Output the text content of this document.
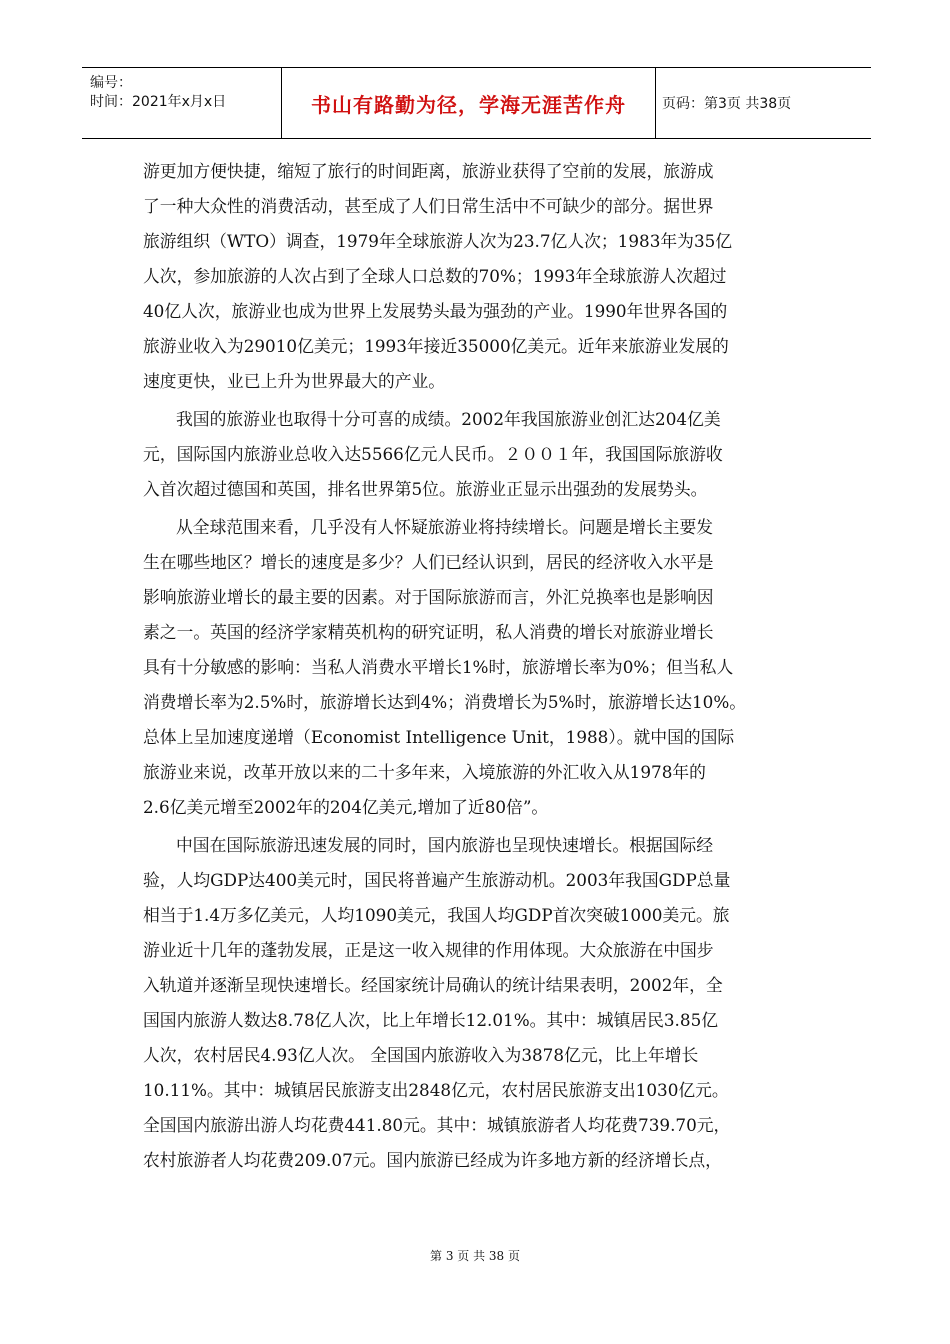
编号：
时间：2021年x月x日	书山有路勤为径，学海无涯苦作舟	页码：第3页 共38页

游更加方便快捷，缩短了旅行的时间距离，旅游业获得了空前的发展，旅游成

了一种大众性的消费活动，甚至成了人们日常生活中不可缺少的部分。据世界

旅游组织（WTO）调查，1979年全球旅游人次为23.7亿人次；1983年为35亿

人次，参加旅游的人次占到了全球人口总数的70%；1993年全球旅游人次超过

40亿人次，旅游业也成为世界上发展势头最为强劲的产业。1990年世界各国的

旅游业收入为29010亿美元；1993年接近35000亿美元。近年来旅游业发展的

速度更快，业已上升为世界最大的产业。

我国的旅游业也取得十分可喜的成绩。2002年我国旅游业创汇达204亿美

元，国际国内旅游业总收入达5566亿元人民币。２００１年，我国国际旅游收

入首次超过德国和英国，排名世界第5位。旅游业正显示出强劲的发展势头。

从全球范围来看，几乎没有人怀疑旅游业将持续增长。问题是增长主要发

生在哪些地区？增长的速度是多少？人们已经认识到，居民的经济收入水平是

影响旅游业增长的最主要的因素。对于国际旅游而言，外汇兑换率也是影响因

素之一。英国的经济学家精英机构的研究证明，私人消费的增长对旅游业增长

具有十分敏感的影响：当私人消费水平增长1%时，旅游增长率为0%；但当私人

消费增长率为2.5%时，旅游增长达到4%；消费增长为5%时，旅游增长达10%。

总体上呈加速度递增（Economist Intelligence Unit，1988）。就中国的国际

旅游业来说，改革开放以来的二十多年来，入境旅游的外汇收入从1978年的

2.6亿美元增至2002年的204亿美元,增加了近80倍”。

中国在国际旅游迅速发展的同时，国内旅游也呈现快速增长。根据国际经

验，人均GDP达400美元时，国民将普遍产生旅游动机。2003年我国GDP总量

相当于1.4万多亿美元，人均1090美元，我国人均GDP首次突破1000美元。旅

游业近十几年的蓬勃发展，正是这一收入规律的作用体现。大众旅游在中国步

入轨道并逐渐呈现快速增长。经国家统计局确认的统计结果表明，2002年，全

国国内旅游人数达8.78亿人次，比上年增长12.01%。其中：城镇居民3.85亿

人次，农村居民4.93亿人次。 全国国内旅游收入为3878亿元，比上年增长

10.11%。其中：城镇居民旅游支出2848亿元，农村居民旅游支出1030亿元。

全国国内旅游出游人均花费441.80元。其中：城镇旅游者人均花费739.70元，

农村旅游者人均花费209.07元。国内旅游已经成为许多地方新的经济增长点，

第 3 页 共 38 页
